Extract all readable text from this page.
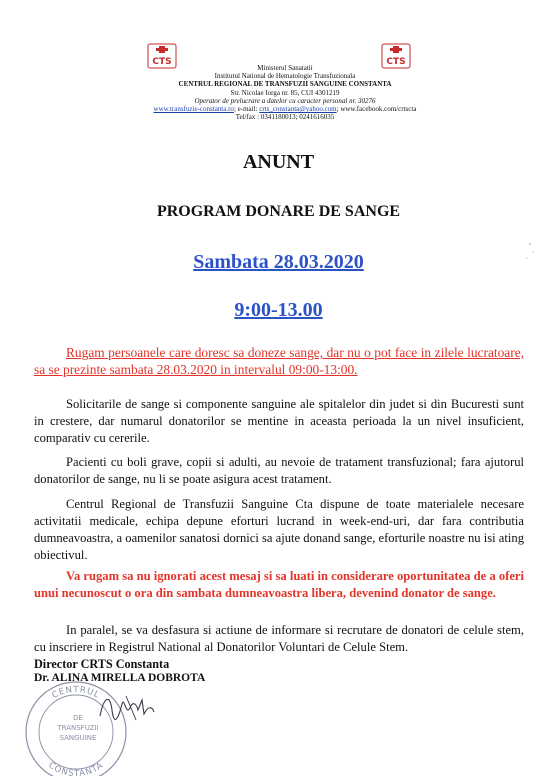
CTS	CTS
Ministerul Sanatatii
Institutul National de Hematologie Transfuzionala
CENTRUL REGIONAL DE TRANSFUZII SANGUINE CONSTANTA
Str. Nicolae Iorga nr. 85, CUI 4301219
Operator de prelucrare a datelor cu caracter personal nr. 30276
www.transfuzie-constanta.ro; e-mail: crts_constanta@yahoo.com; www.facebook.com/crtscta
Tel/fax : 0341180013; 0241616035
ANUNT
PROGRAM DONARE DE SANGE
Sambata 28.03.2020
9:00-13.00
Rugam persoanele care doresc sa doneze sange, dar nu o pot face in zilele lucratoare, sa se prezinte sambata 28.03.2020 in intervalul 09:00-13:00.
Solicitarile de sange si componente sanguine ale spitalelor din judet si din Bucuresti sunt in crestere, dar numarul donatorilor se mentine in aceasta perioada la un nivel insuficient, comparativ cu cererile.
Pacienti cu boli grave, copii si adulti, au nevoie de tratament transfuzional; fara ajutorul donatorilor de sange, nu li se poate asigura acest tratament.
Centrul Regional de Transfuzii Sanguine Cta dispune de toate materialele necesare activitatii medicale, echipa depune eforturi lucrand in week-end-uri, dar fara contributia dumneavoastra, a oamenilor sanatosi dornici sa ajute donand sange, eforturile noastre nu isi ating obiectivul.
Va rugam sa nu ignorati acest mesaj si sa luati in considerare oportunitatea de a oferi unui necunoscut o ora din sambata dumneavoastra libera, devenind donator de sange.
In paralel, se va desfasura si actiune de informare si recrutare de donatori de celule stem, cu inscriere in Registrul National al Donatorilor Voluntari de Celule Stem.
Director CRTS Constanta
Dr. ALINA MIRELLA DOBROTA
CENTRUL
CONSTANTA
DE
TRANSFUZII
SANGUINE
